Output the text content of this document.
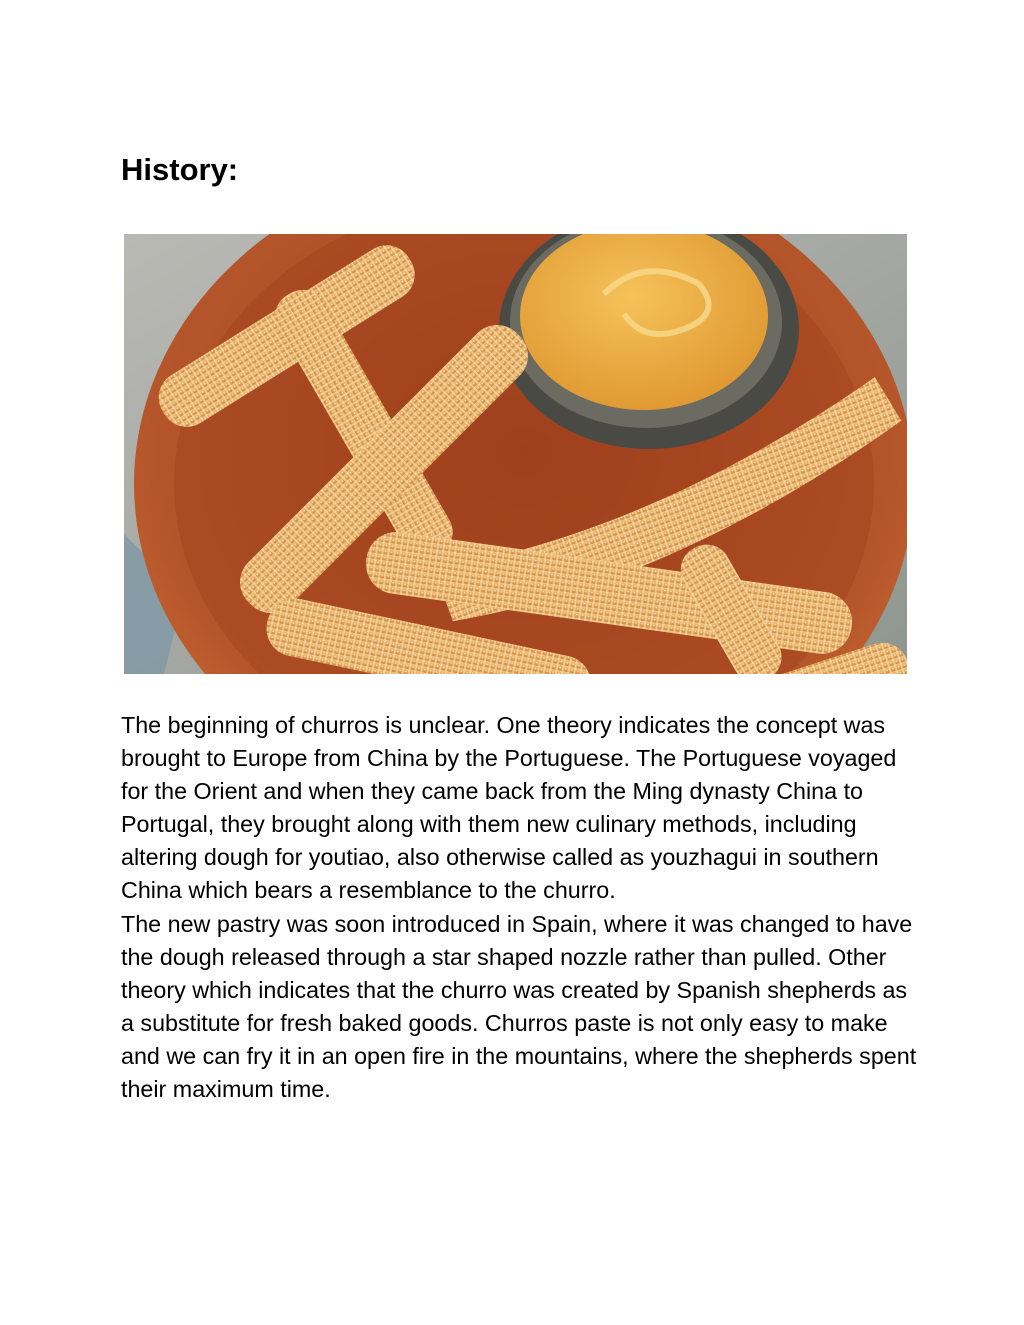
History:

The beginning of churros is unclear. One theory indicates the concept was brought to Europe from China by the Portuguese. The Portuguese voyaged for the Orient and when they came back from the Ming dynasty China to Portugal, they brought along with them new culinary methods, including altering dough for youtiao, also otherwise called as youzhagui in southern China which bears a resemblance to the churro.

The new pastry was soon introduced in Spain, where it was changed to have the dough released through a star shaped nozzle rather than pulled. Other theory which indicates that the churro was created by Spanish shepherds as a substitute for fresh baked goods. Churros paste is not only easy to make and we can fry it in an open fire in the mountains, where the shepherds spent their maximum time.
